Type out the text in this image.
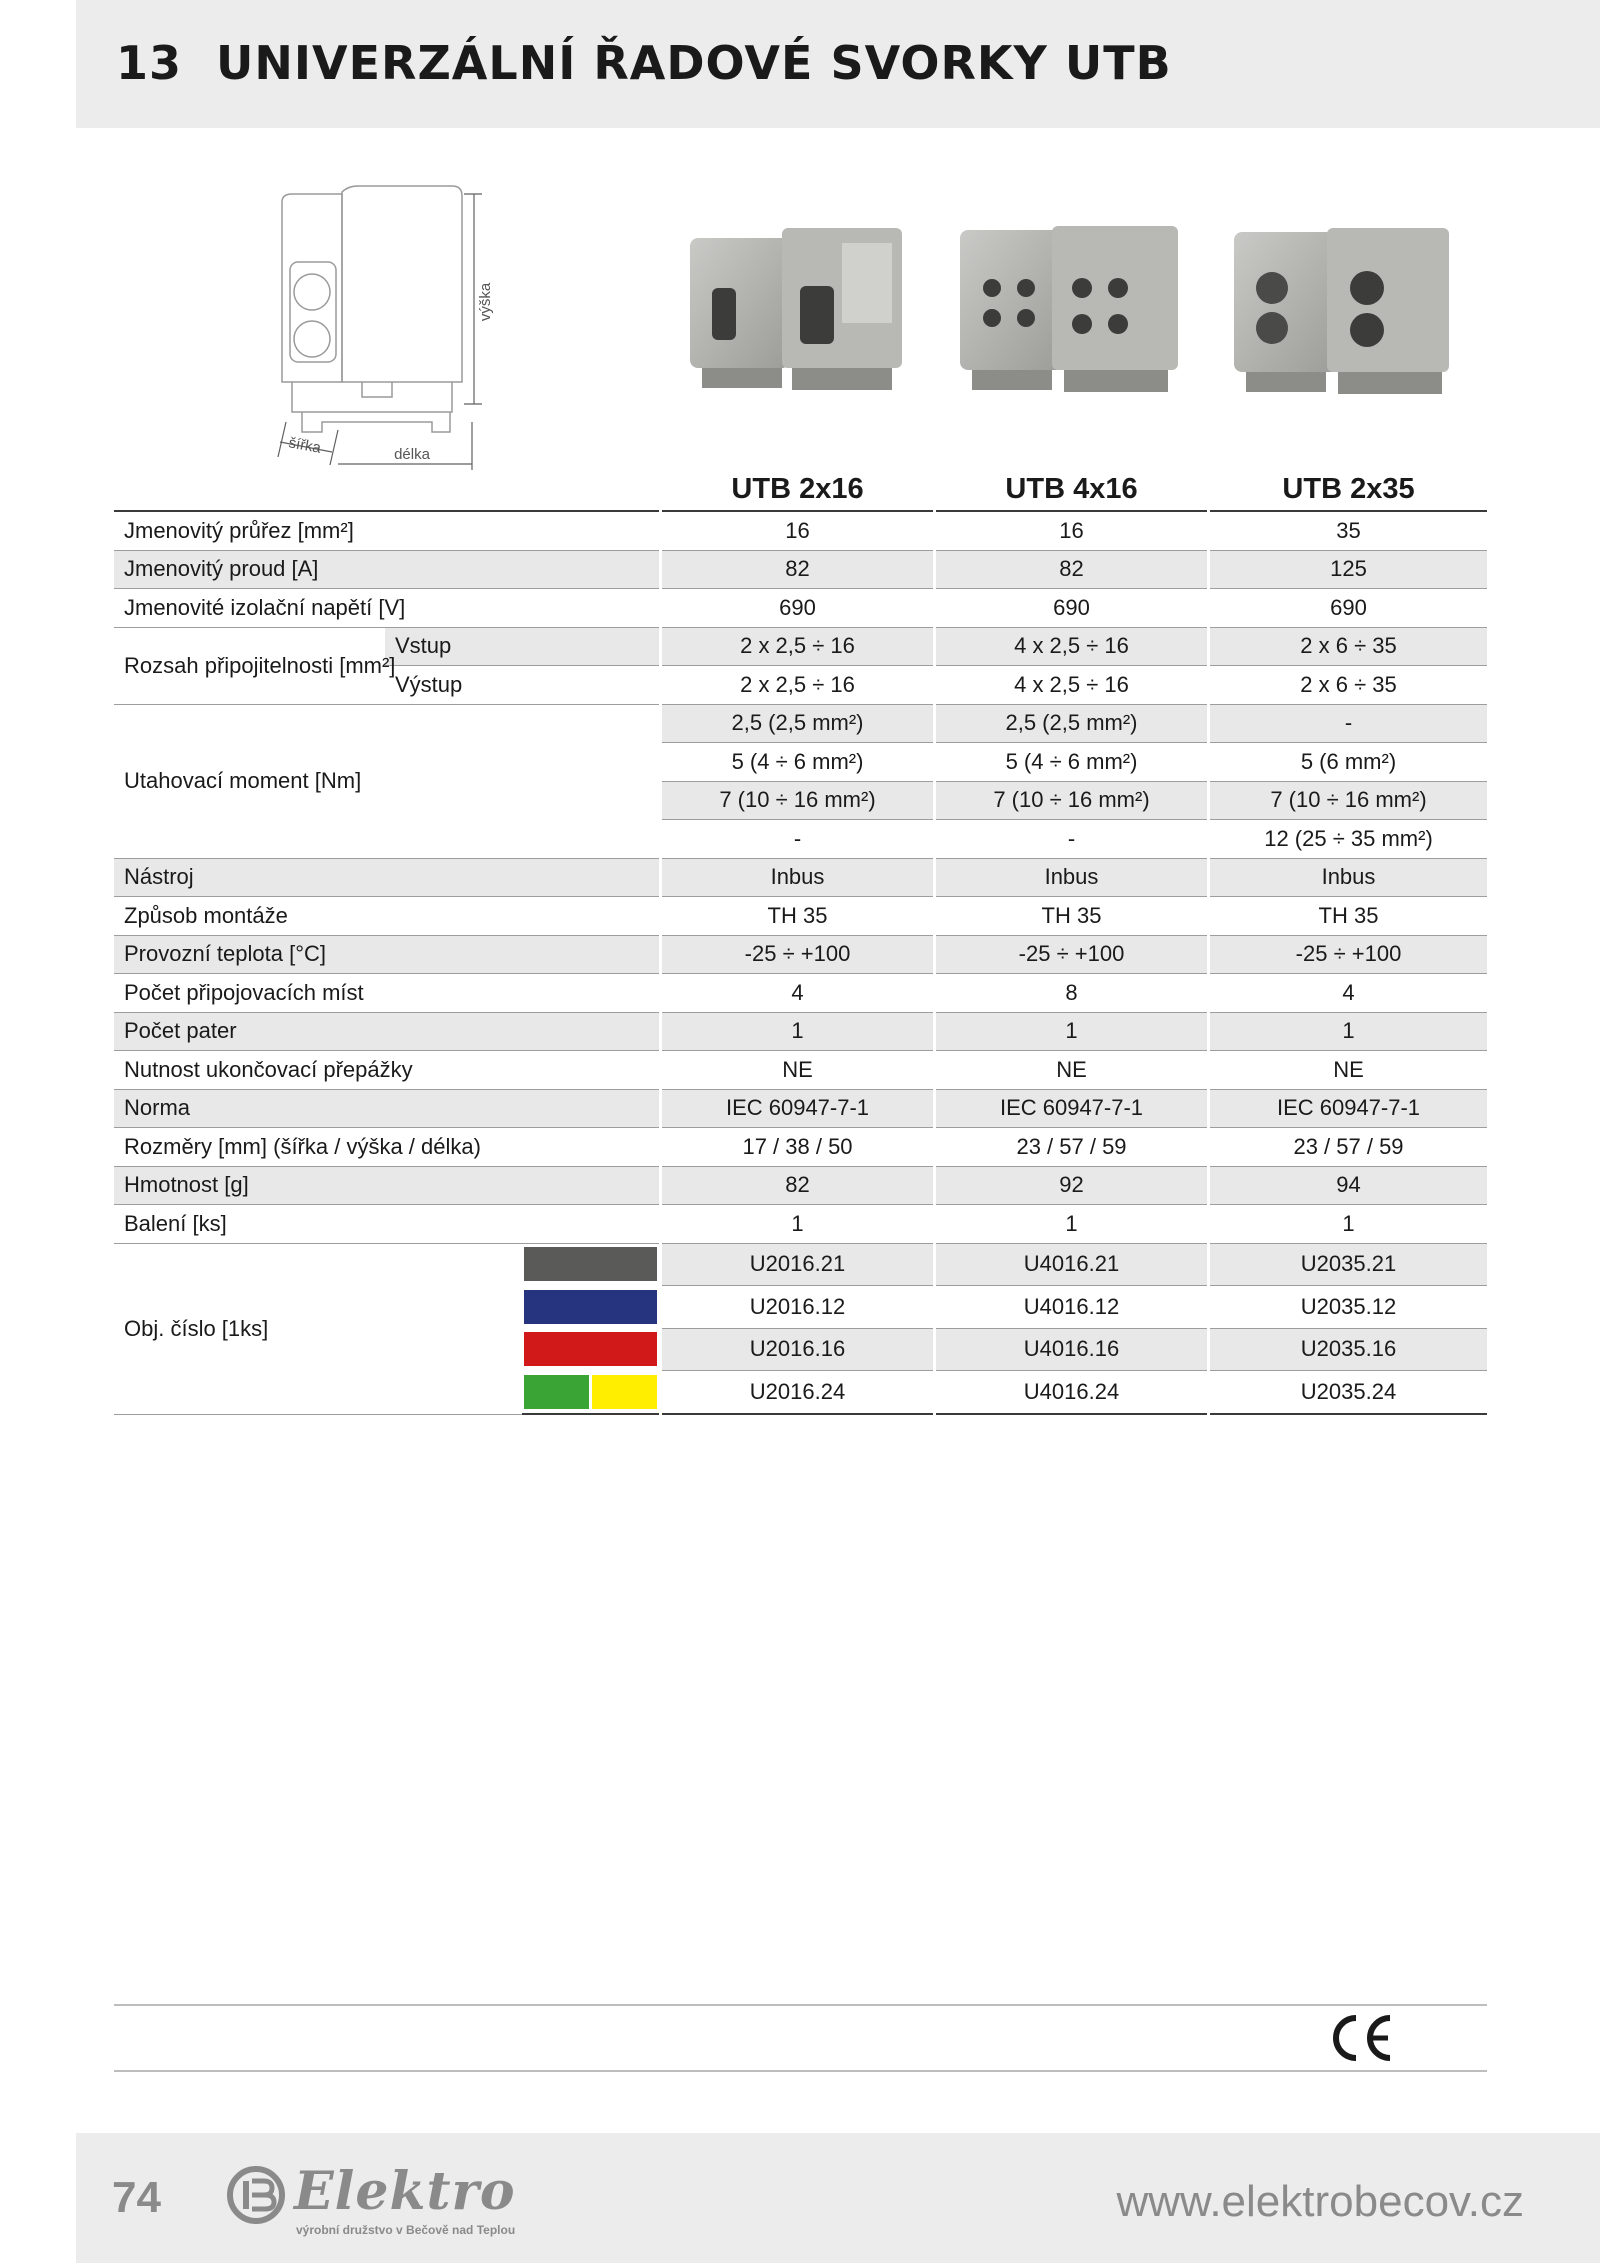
13 UNIVERZÁLNÍ ŘADOVÉ SVORKY UTB
výška
šířka	délka
				UTB 2x16		UTB 4x16		UTB 2x35
Jmenovitý průřez [mm²]				16		16		35
Jmenovitý proud [A]				82		82		125
Jmenovité izolační napětí [V]				690		690		690
Rozsah připojitelnosti [mm²]	Vstup			2 x 2,5 ÷ 16		4 x 2,5 ÷ 16		2 x 6 ÷ 35
	Výstup			2 x 2,5 ÷ 16		4 x 2,5 ÷ 16		2 x 6 ÷ 35
Utahovací moment [Nm]				2,5 (2,5 mm²)		2,5 (2,5 mm²)		-
				5 (4 ÷ 6 mm²)		5 (4 ÷ 6 mm²)		5 (6 mm²)
				7 (10 ÷ 16 mm²)		7 (10 ÷ 16 mm²)		7 (10 ÷ 16 mm²)
				-		-		12 (25 ÷ 35 mm²)
Nástroj				Inbus		Inbus		Inbus
Způsob montáže				TH 35		TH 35		TH 35
Provozní teplota [°C]				-25 ÷ +100		-25 ÷ +100		-25 ÷ +100
Počet připojovacích míst				4		8		4
Počet pater				1		1		1
Nutnost ukončovací přepážky				NE		NE		NE
Norma				IEC 60947-7-1		IEC 60947-7-1		IEC 60947-7-1
Rozměry [mm] (šířka / výška / délka)				17 / 38 / 50		23 / 57 / 59		23 / 57 / 59
Hmotnost [g]				82		92		94
Balení [ks]				1		1		1
Obj. číslo [1ks]				U2016.21		U4016.21		U2035.21

				U2016.12		U4016.12		U2035.12

				U2016.16		U4016.16		U2035.16

				U2016.24		U4016.24		U2035.24
74	Elektro
výrobní družstvo v Bečově nad Teplou
www.elektrobecov.cz
